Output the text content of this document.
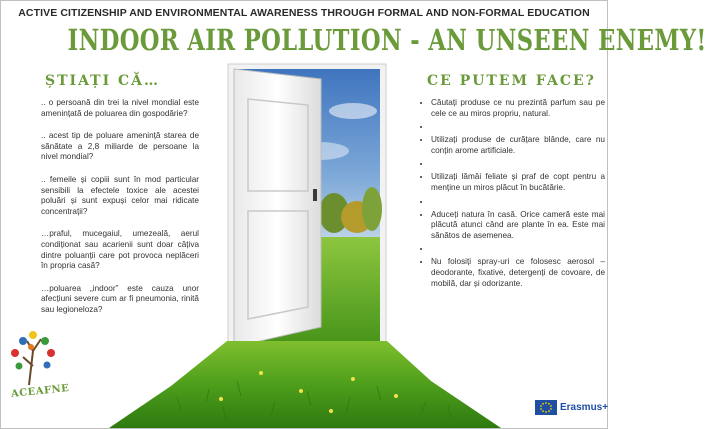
ACTIVE CITIZENSHIP AND ENVIRONMENTAL AWARENESS THROUGH FORMAL AND NON-FORMAL EDUCATION
INDOOR AIR POLLUTION - AN UNSEEN ENEMY!
ȘTIAȚI CĂ…

.. o persoană din trei la nivel mondial este amenințată de poluarea din gospodărie?

.. acest tip de poluare amenință starea de sănătate a 2,8 miliarde de persoane la nivel mondial?

.. femeile și copiii sunt în mod particular sensibili la efectele toxice ale acestei poluări și sunt expuși celor mai ridicate concentrații?

…praful, mucegaiul, umezeală, aerul condiționat sau acarienii sunt doar câțiva dintre poluanții care pot provoca neplăceri în propria casă?

…poluarea „indoor” este cauza unor afecțiuni severe cum ar fi pneumonia, rinită sau legioneloza?

CE PUTEM FACE?
• Căutați produse ce nu prezintă parfum sau pe cele ce au miros propriu, natural.
•
• Utilizați produse de curățare blânde, care nu conțin arome artificiale.
•
• Utilizați lămâi feliate și praf de copt pentru a menține un miros plăcut în bucătărie.
•
• Aduceți natura în casă. Orice cameră este mai plăcută atunci când are plante în ea. Este mai sănătos de asemenea.
•
• Nu folosiți spray-uri ce folosesc aerosol – deodorante, fixative, detergenți de covoare, de mobilă, dar și odorizante.
ACEAFNE
Erasmus+
